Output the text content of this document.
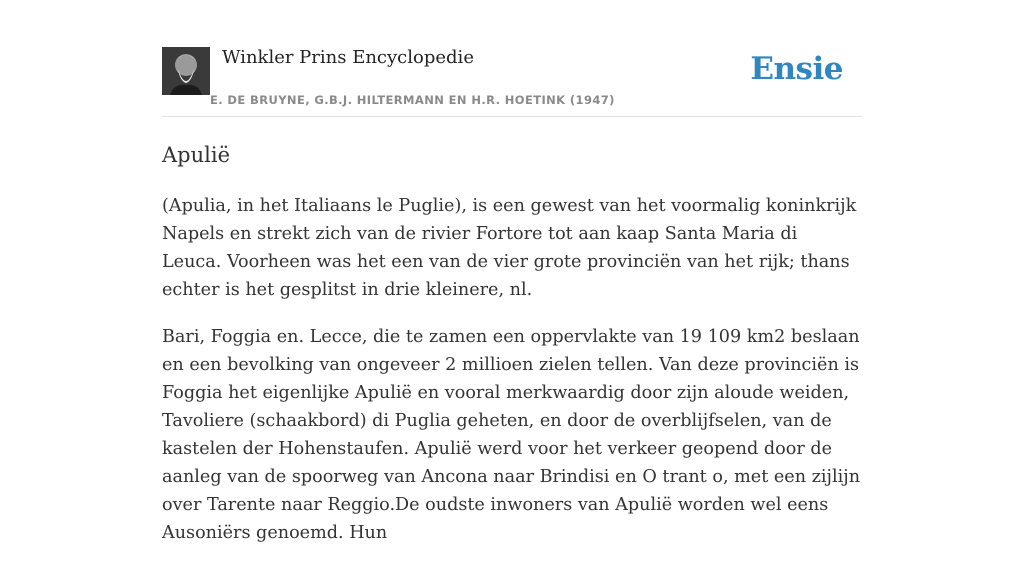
Winkler Prins Encyclopedie
E. DE BRUYNE, G.B.J. HILTERMANN EN H.R. HOETINK (1947)
Ensie
Apulië

(Apulia, in het Italiaans le Puglie), is een gewest van het voormalig koninkrijk Napels en strekt zich van de rivier Fortore tot aan kaap Santa Maria di Leuca. Voorheen was het een van de vier grote provinciën van het rijk; thans echter is het gesplitst in drie kleinere, nl.

Bari, Foggia en. Lecce, die te zamen een oppervlakte van 19 109 km2 beslaan en een bevolking van ongeveer 2 millioen zielen tellen. Van deze provinciën is Foggia het eigenlijke Apulië en vooral merkwaardig door zijn aloude weiden, Tavoliere (schaakbord) di Puglia geheten, en door de overblijfselen, van de kastelen der Hohenstaufen. Apulië werd voor het verkeer geopend door de aanleg van de spoorweg van Ancona naar Brindisi en O trant o, met een zijlijn over Tarente naar Reggio.De oudste inwoners van Apulië worden wel eens Ausoniërs genoemd. Hun
